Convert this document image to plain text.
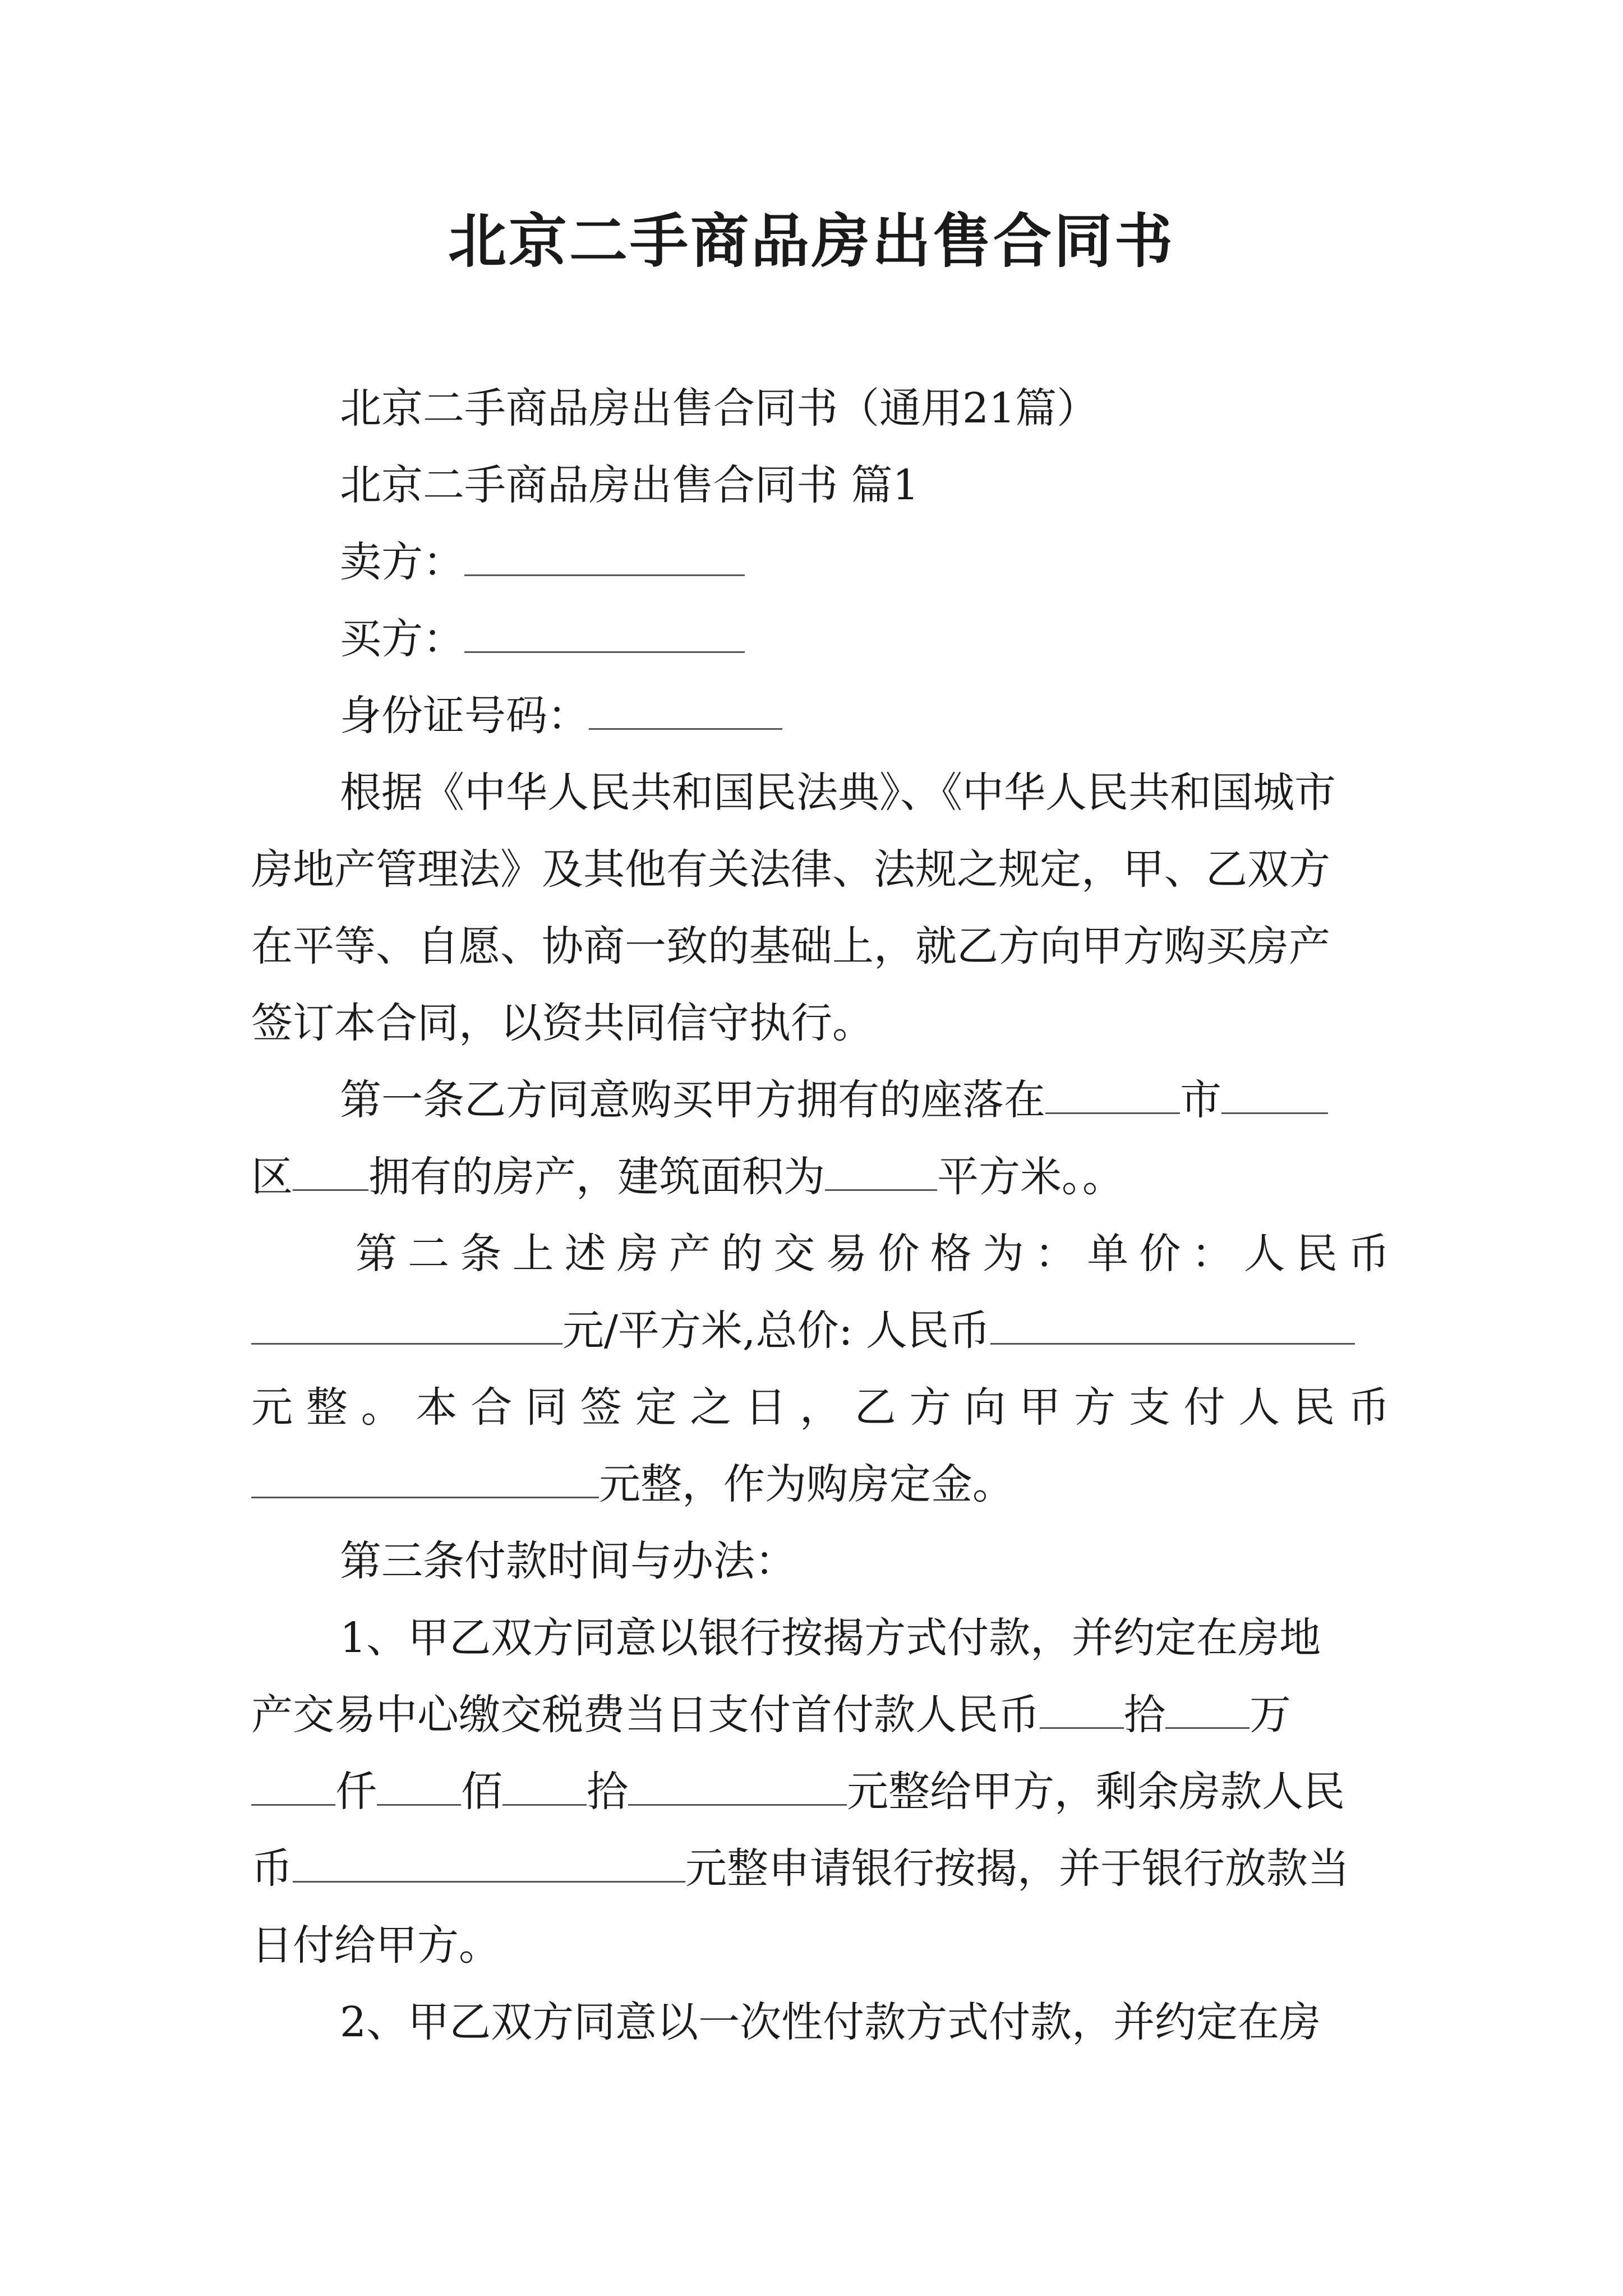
北京二手商品房出售合同书
北京二手商品房出售合同书（通用21篇）
北京二手商品房出售合同书 篇1
卖方：
买方：
身份证号码：
根据《中华人民共和国民法典》、《中华人民共和国城市
房地产管理法》及其他有关法律、法规之规定，甲、乙双方
在平等、自愿、协商一致的基础上，就乙方向甲方购买房产
签订本合同，以资共同信守执行。
第一条乙方同意购买甲方拥有的座落在	市
区 拥有的房产，建筑面积为	平方米。。
第二条上述房产的交易价格为：单价：人民币
元/平方米,总价: 人民币
元整。本合同签定之日，乙方向甲方支付人民币
元整，作为购房定金。
第三条付款时间与办法：
1、甲乙双方同意以银行按揭方式付款，并约定在房地
产交易中心缴交税费当日支付首付款人民币 拾 万
仟 佰 拾	元整给甲方，剩余房款人民
币	元整申请银行按揭，并于银行放款当
日付给甲方。
2、甲乙双方同意以一次性付款方式付款，并约定在房
